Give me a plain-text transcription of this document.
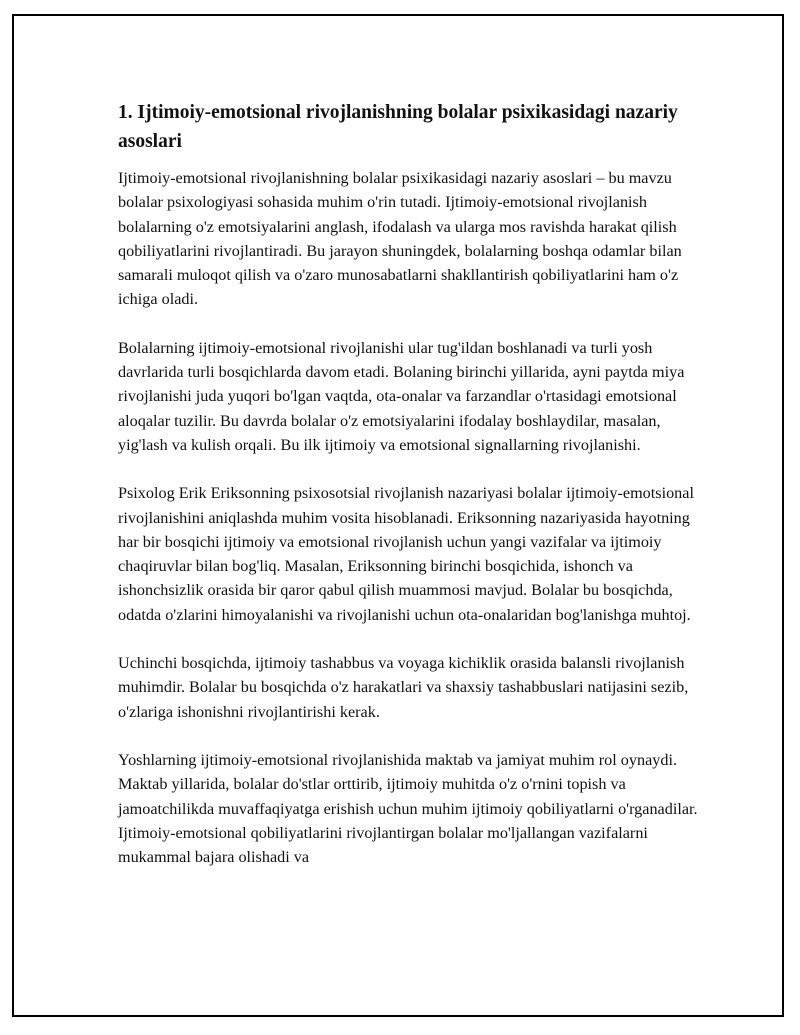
1. Ijtimoiy-emotsional rivojlanishning bolalar psixikasidagi nazariy asoslari

Ijtimoiy-emotsional rivojlanishning bolalar psixikasidagi nazariy asoslari – bu mavzu bolalar psixologiyasi sohasida muhim o'rin tutadi. Ijtimoiy-emotsional rivojlanish bolalarning o'z emotsiyalarini anglash, ifodalash va ularga mos ravishda harakat qilish qobiliyatlarini rivojlantiradi. Bu jarayon shuningdek, bolalarning boshqa odamlar bilan samarali muloqot qilish va o'zaro munosabatlarni shakllantirish qobiliyatlarini ham o'z ichiga oladi.

Bolalarning ijtimoiy-emotsional rivojlanishi ular tug'ildan boshlanadi va turli yosh davrlarida turli bosqichlarda davom etadi. Bolaning birinchi yillarida, ayni paytda miya rivojlanishi juda yuqori bo'lgan vaqtda, ota-onalar va farzandlar o'rtasidagi emotsional aloqalar tuzilir. Bu davrda bolalar o'z emotsiyalarini ifodalay boshlaydilar, masalan, yig'lash va kulish orqali. Bu ilk ijtimoiy va emotsional signallarning rivojlanishi.

Psixolog Erik Eriksonning psixosotsial rivojlanish nazariyasi bolalar ijtimoiy-emotsional rivojlanishini aniqlashda muhim vosita hisoblanadi. Eriksonning nazariyasida hayotning har bir bosqichi ijtimoiy va emotsional rivojlanish uchun yangi vazifalar va ijtimoiy chaqiruvlar bilan bog'liq. Masalan, Eriksonning birinchi bosqichida, ishonch va ishonchsizlik orasida bir qaror qabul qilish muammosi mavjud. Bolalar bu bosqichda, odatda o'zlarini himoyalanishi va rivojlanishi uchun ota-onalaridan bog'lanishga muhtoj.

Uchinchi bosqichda, ijtimoiy tashabbus va voyaga kichiklik orasida balansli rivojlanish muhimdir. Bolalar bu bosqichda o'z harakatlari va shaxsiy tashabbuslari natijasini sezib, o'zlariga ishonishni rivojlantirishi kerak.

Yoshlarning ijtimoiy-emotsional rivojlanishida maktab va jamiyat muhim rol oynaydi. Maktab yillarida, bolalar do'stlar orttirib, ijtimoiy muhitda o'z o'rnini topish va jamoatchilikda muvaffaqiyatga erishish uchun muhim ijtimoiy qobiliyatlarni o'rganadilar. Ijtimoiy-emotsional qobiliyatlarini rivojlantirgan bolalar mo'ljallangan vazifalarni mukammal bajara olishadi va
